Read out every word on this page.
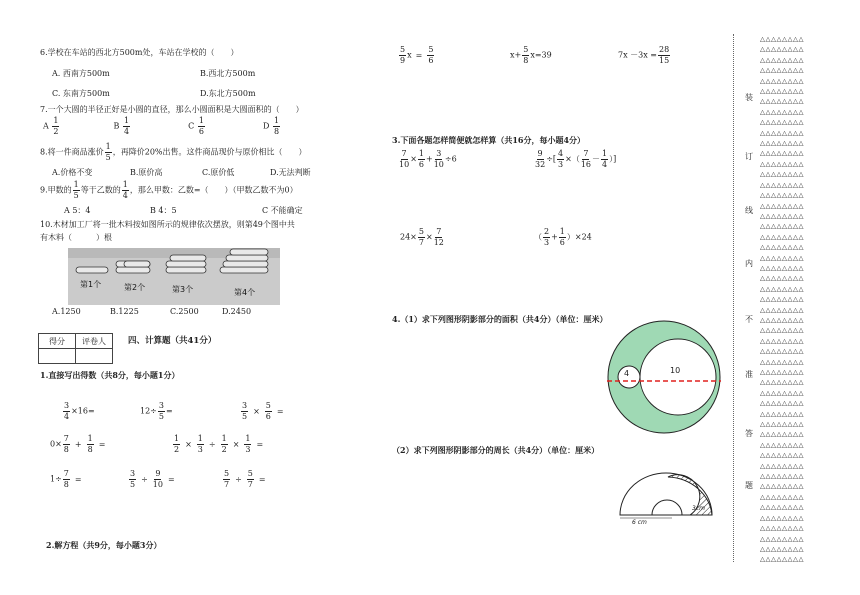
6.学校在车站的西北方500m处，车站在学校的（　　）
A. 西南方500m	B.西北方500m
C. 东南方500m	D.东北方500m
7.一个大圆的半径正好是小圆的直径，那么小圆面积是大圆面积的（　　）
A $\frac{1}{2}$	B $\frac{1}{4}$	C $\frac{1}{6}$	D $\frac{1}{8}$
8.将一件商品涨价 $\frac{1}{5}$ ，再降价20%出售。这件商品现价与原价相比（　　）
A.价格不变	B.原价高	C.原价低	D.无法判断
9.甲数的 $\frac{1}{5}$ 等于乙数的 $\frac{1}{4}$ ，那么甲数：乙数=（　　）（甲数乙数不为0）
A 5：4	B 4：5	C 不能确定
10.木材加工厂将一批木料按如图所示的规律依次摆放，则第49个图中共
有木料（　　　）根
第1个	第2个	第3个	第4个
A.1250	B.1225	C.2500	D.2450
得分	评卷人
		四、计算题（共41分）
1.直接写出得数（共8分，每小题1分）
$\frac{3}{4} \times 16=$	$12\div \frac{3}{5}$ =	$\frac{3}{5} \times \frac{5}{6}$ =
$0\times \frac{7}{8} + \frac{1}{8}$ =	$\frac{1}{2} \times \frac{1}{3} \div \frac{1}{2} \times \frac{1}{3}$ =
$1\div \frac{7}{8}$ =	$\frac{3}{5} \div \frac{9}{10}$ =	$\frac{5}{7} \div \frac{5}{7}$ =
2.解方程（共9分，每小题3分）
$\frac{5}{9}$ $x = \frac{5}{6}$	$x+ \frac{5}{8} x=39$	$7x -3x = \frac{28}{15}$
3.下面各题怎样简便就怎样算（共16分，每小题4分）
$\frac{7}{10} \times \frac{1}{6} + \frac{3}{10} \div 6$	$\frac{9}{32}$ ÷[ $\frac{4}{3}$ ×（ $\frac{7}{16} - \frac{1}{4}$ ）]
$24\times \frac{5}{7} \times \frac{7}{12}$	（ $\frac{2}{3} + \frac{1}{6} )\times 24$
4.（1）求下列图形阴影部分的面积（共4分）（单位：厘米）
（2）求下列图形阴影部分的周长（共4分）（单位：厘米）
4	10
6 cm
3cm
装
订
线
内
不
准
答
题
△△△△△△△△
△△△△△△△△
△△△△△△△△
△△△△△△△△
△△△△△△△△
△△△△△△△△
△△△△△△△△
△△△△△△△△
△△△△△△△△
△△△△△△△△
△△△△△△△△
△△△△△△△△
△△△△△△△△
△△△△△△△△
△△△△△△△△
△△△△△△△△
△△△△△△△△
△△△△△△△△
△△△△△△△△
△△△△△△△△
△△△△△△△△
△△△△△△△△
△△△△△△△△
△△△△△△△△
△△△△△△△△
△△△△△△△△
△△△△△△△△
△△△△△△△△
△△△△△△△△
△△△△△△△△
△△△△△△△△
△△△△△△△△
△△△△△△△△
△△△△△△△△
△△△△△△△△
△△△△△△△△
△△△△△△△△
△△△△△△△△
△△△△△△△△
△△△△△△△△
△△△△△△△△
△△△△△△△△
△△△△△△△△
△△△△△△△△
△△△△△△△△
△△△△△△△△
△△△△△△△△
△△△△△△△△
△△△△△△△△
△△△△△△△△
△△△△△△△△
